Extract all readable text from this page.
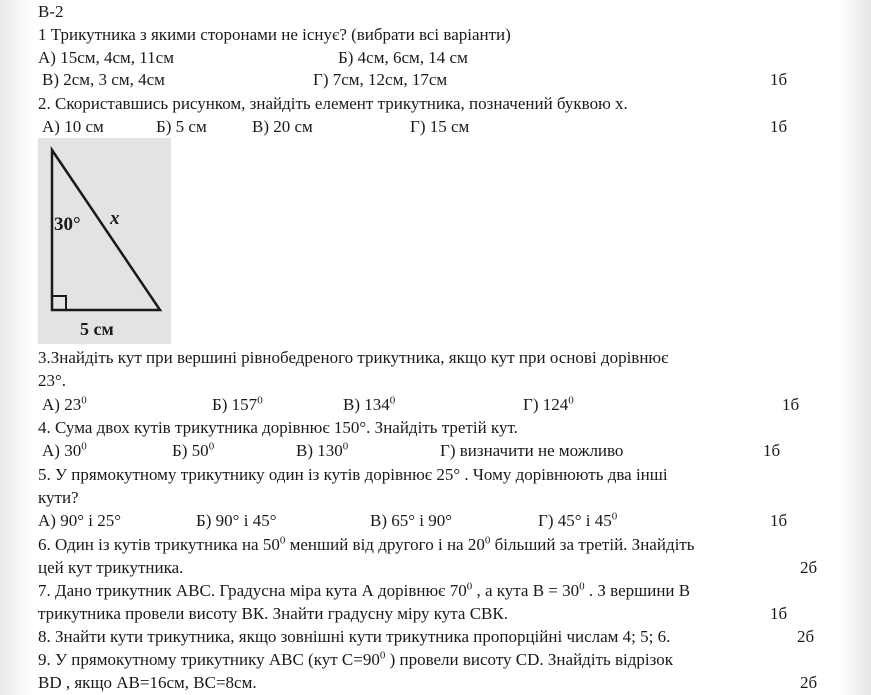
В-2
1 Трикутника з якими сторонами не існує? (вибрати всі варіанти)
А) 15см, 4см, 11см	Б) 4см, 6см, 14 см
В) 2см, 3 см, 4см	Г) 7см, 12см, 17см	1б
2. Скориставшись рисунком, знайдіть елемент трикутника, позначений буквою х.
А) 10 см	Б) 5 см	В) 20 см	Г) 15 см	1б
30° x
5 см
3.Знайдіть кут при вершині рівнобедреного трикутника, якщо кут при основі дорівнює
23°.
А) $23^0$	Б) $157^0$	В) $134^0$	Г) $124^0$	1б
4. Сума двох кутів трикутника дорівнює 150°. Знайдіть третій кут.
А) $30^0$	Б) $50^0$	В) $130^0$	Г) визначити не можливо	1б
5. У прямокутному трикутнику один із кутів дорівнює 25° . Чому дорівнюють два інші
кути?
А) 90° і 25°	Б) 90° і 45°	В) 65° і 90°	Г) 45° і $45^0$	1б
6. Один із кутів трикутника на $50^0$ менший від другого і на $20^0$ більший за третій. Знайдіть
цей кут трикутника.	2б
7. Дано трикутник АВС. Градусна міра кута А дорівнює $70^0$ , а кута $В = 30^0$ . З вершини В
трикутника провели висоту ВК. Знайти градусну міру кута СВК.	1б
8. Знайти кути трикутника, якщо зовнішні кути трикутника пропорційні числам 4; 5; 6.	2б
9. У прямокутному трикутнику АВС (кут $С=90^0$ ) провели висоту CD. Знайдіть відрізок
BD , якщо АВ=16см, ВС=8см.	2б
